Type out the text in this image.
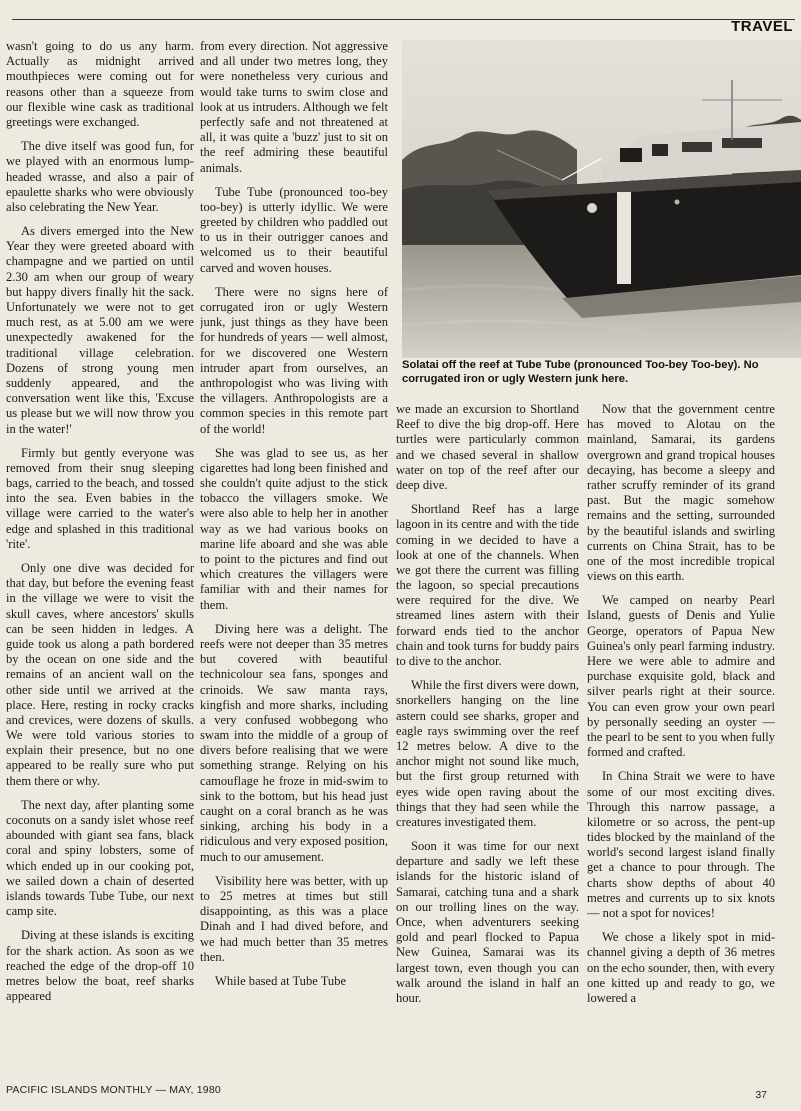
TRAVEL

wasn't going to do us any harm. Actually as midnight arrived mouthpieces were coming out for reasons other than a squeeze from our flexible wine cask as traditional greetings were exchanged.

The dive itself was good fun, for we played with an enormous lump-headed wrasse, and also a pair of epaulette sharks who were obviously also celebrating the New Year.

As divers emerged into the New Year they were greeted aboard with champagne and we partied on until 2.30 am when our group of weary but happy divers finally hit the sack. Unfortunately we were not to get much rest, as at 5.00 am we were unexpectedly awakened for the traditional village celebration. Dozens of strong young men suddenly appeared, and the conversation went like this, 'Excuse us please but we will now throw you in the water!'

Firmly but gently everyone was removed from their snug sleeping bags, carried to the beach, and tossed into the sea. Even babies in the village were carried to the water's edge and splashed in this traditional 'rite'.

Only one dive was decided for that day, but before the evening feast in the village we were to visit the skull caves, where ancestors' skulls can be seen hidden in ledges. A guide took us along a path bordered by the ocean on one side and the remains of an ancient wall on the other side until we arrived at the place. Here, resting in rocky cracks and crevices, were dozens of skulls. We were told various stories to explain their presence, but no one appeared to be really sure who put them there or why.

The next day, after planting some coconuts on a sandy islet whose reef abounded with giant sea fans, black coral and spiny lobsters, some of which ended up in our cooking pot, we sailed down a chain of deserted islands towards Tube Tube, our next camp site.

Diving at these islands is exciting for the shark action. As soon as we reached the edge of the drop-off 10 metres below the boat, reef sharks appeared

from every direction. Not aggressive and all under two metres long, they were nonetheless very curious and would take turns to swim close and look at us intruders. Although we felt perfectly safe and not threatened at all, it was quite a 'buzz' just to sit on the reef admiring these beautiful animals.

Tube Tube (pronounced too-bey too-bey) is utterly idyllic. We were greeted by children who paddled out to us in their outrigger canoes and welcomed us to their beautiful carved and woven houses.

There were no signs here of corrugated iron or ugly Western junk, just things as they have been for hundreds of years — well almost, for we discovered one Western intruder apart from ourselves, an anthropologist who was living with the villagers. Anthropologists are a common species in this remote part of the world!

She was glad to see us, as her cigarettes had long been finished and she couldn't quite adjust to the stick tobacco the villagers smoke. We were also able to help her in another way as we had various books on marine life aboard and she was able to point to the pictures and find out which creatures the villagers were familiar with and their names for them.

Diving here was a delight. The reefs were not deeper than 35 metres but covered with beautiful technicolour sea fans, sponges and crinoids. We saw manta rays, kingfish and more sharks, including a very confused wobbegong who swam into the middle of a group of divers before realising that we were something strange. Relying on his camouflage he froze in mid-swim to sink to the bottom, but his head just caught on a coral branch as he was sinking, arching his body in a ridiculous and very exposed position, much to our amusement.

Visibility here was better, with up to 25 metres at times but still disappointing, as this was a place Dinah and I had dived before, and we had much better than 35 metres then.

While based at Tube Tube

Solatai off the reef at Tube Tube (pronounced Too-bey Too-bey). No corrugated iron or ugly Western junk here.

we made an excursion to Shortland Reef to dive the big drop-off. Here turtles were particularly common and we chased several in shallow water on top of the reef after our deep dive.

Shortland Reef has a large lagoon in its centre and with the tide coming in we decided to have a look at one of the channels. When we got there the current was filling the lagoon, so special precautions were required for the dive. We streamed lines astern with their forward ends tied to the anchor chain and took turns for buddy pairs to dive to the anchor.

While the first divers were down, snorkellers hanging on the line astern could see sharks, groper and eagle rays swimming over the reef 12 metres below. A dive to the anchor might not sound like much, but the first group returned with eyes wide open raving about the things that they had seen while the creatures investigated them.

Soon it was time for our next departure and sadly we left these islands for the historic island of Samarai, catching tuna and a shark on our trolling lines on the way. Once, when adventurers seeking gold and pearl flocked to Papua New Guinea, Samarai was its largest town, even though you can walk around the island in half an hour.

Now that the government centre has moved to Alotau on the mainland, Samarai, its gardens overgrown and grand tropical houses decaying, has become a sleepy and rather scruffy reminder of its grand past. But the magic somehow remains and the setting, surrounded by the beautiful islands and swirling currents on China Strait, has to be one of the most incredible tropical views on this earth.

We camped on nearby Pearl Island, guests of Denis and Yulie George, operators of Papua New Guinea's only pearl farming industry. Here we were able to admire and purchase exquisite gold, black and silver pearls right at their source. You can even grow your own pearl by personally seeding an oyster — the pearl to be sent to you when fully formed and crafted.

In China Strait we were to have some of our most exciting dives. Through this narrow passage, a kilometre or so across, the pent-up tides blocked by the mainland of the world's second largest island finally get a chance to pour through. The charts show depths of about 40 metres and currents up to six knots — not a spot for novices!

We chose a likely spot in mid-channel giving a depth of 36 metres on the echo sounder, then, with every one kitted up and ready to go, we lowered a

PACIFIC ISLANDS MONTHLY — MAY, 1980	37
